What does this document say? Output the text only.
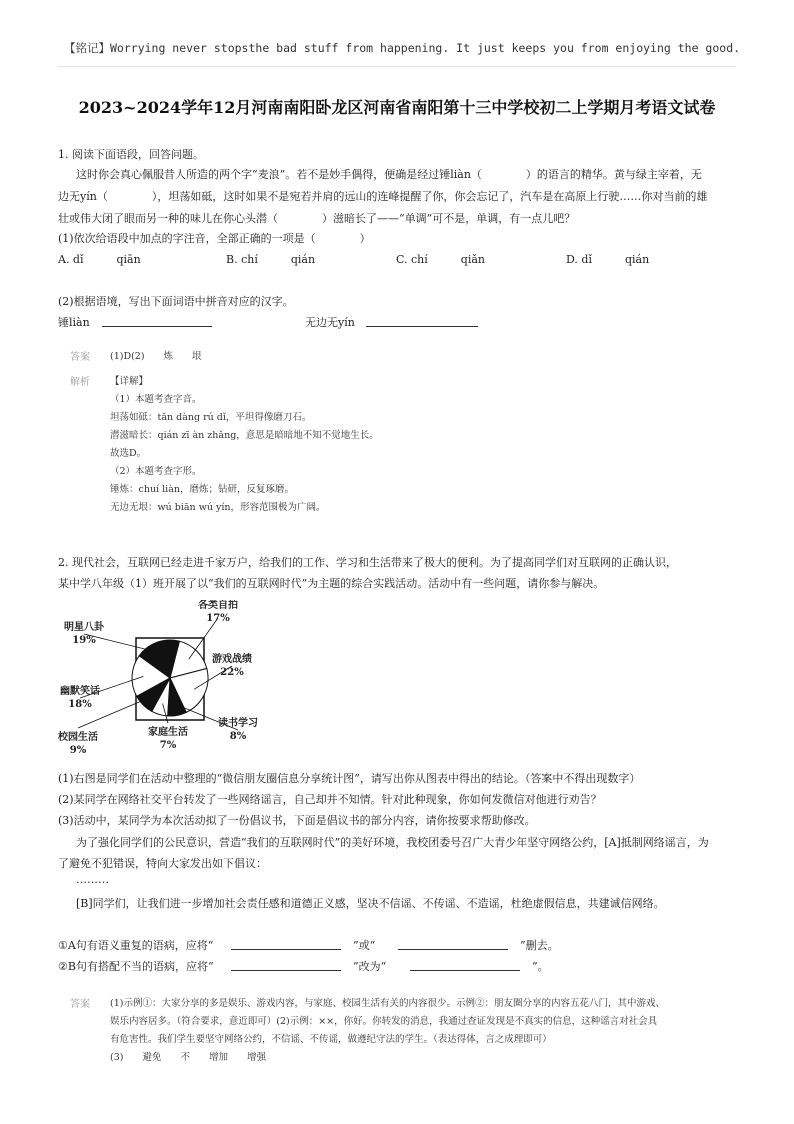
【铭记】Worrying never stopsthe bad stuff from happening. It just keeps you from enjoying the good.
2023~2024学年12月河南南阳卧龙区河南省南阳第十三中学校初二上学期月考语文试卷
1. 阅读下面语段，回答问题。
这时你会真心佩服昔人所造的两个字“麦浪”。若不是妙手偶得，便确是经过锤liàn（　　　　）的语言的精华。黄与绿主宰着，无
边无yín（　　　　），坦荡如砥，这时如果不是宛若并肩的远山的连峰提醒了你，你会忘记了，汽车是在高原上行驶……你对当前的雄
壮或伟大闭了眼而另一种的味儿在你心头潜（　　　　）滋暗长了——“单调”可不是，单调，有一点儿吧？
(1)依次给语段中加点的字注音，全部正确的一项是（　　　　）
A. dǐ　　　qiān	B. chí　　　qián	C. chí　　　qiǎn	D. dǐ　　　qián
(2)根据语境，写出下面词语中拼音对应的汉字。
锤liàn	无边无yín
答案 (1)D(2)　　炼　　垠
解析 【详解】
（1）本题考查字音。
坦荡如砥：tǎn dàng rú dǐ，平坦得像磨刀石。
潜滋暗长：qián zī àn zhǎng，意思是暗暗地不知不觉地生长。
故选D。
（2）本题考查字形。
锤炼：chuí liàn，磨炼；钻研，反复琢磨。
无边无垠：wú biān wú yín，形容范围极为广阔。
2. 现代社会，互联网已经走进千家万户，给我们的工作、学习和生活带来了极大的便利。为了提高同学们对互联网的正确认识，
某中学八年级（1）班开展了以“我们的互联网时代”为主题的综合实践活动。活动中有一些问题，请你参与解决。
各类自拍
17%
游戏战绩
22%
读书学习
8%
家庭生活
7%
校园生活
9%
幽默笑话
18%
明星八卦
19%
(1)右图是同学们在活动中整理的“微信朋友圈信息分享统计图”，请写出你从图表中得出的结论。（答案中不得出现数字）
(2)某同学在网络社交平台转发了一些网络谣言，自己却并不知情。针对此种现象，你如何发微信对他进行劝告？
(3)活动中，某同学为本次活动拟了一份倡议书，下面是倡议书的部分内容，请你按要求帮助修改。
为了强化同学们的公民意识，营造“我们的互联网时代”的美好环境，我校团委号召广大青少年坚守网络公约，[A]抵制网络谣言，为
了避免不犯错误，特向大家发出如下倡议：
………
[B]同学们，让我们进一步增加社会责任感和道德正义感，坚决不信谣、不传谣、不造谣，杜绝虚假信息，共建诚信网络。
①A句有语义重复的语病，应将“	”或“	”删去。
②B句有搭配不当的语病，应将“	”改为“	”。
答案 (1)示例①：大家分享的多是娱乐、游戏内容，与家庭、校园生活有关的内容很少。示例②：朋友圈分享的内容五花八门，其中游戏、
娱乐内容居多。（符合要求，意近即可）(2)示例：××，你好。你转发的消息，我通过查证发现是不真实的信息，这种谣言对社会具
有危害性。我们学生要坚守网络公约，不信谣、不传谣，做遵纪守法的学生。（表达得体，言之成理即可）
(3)　　避免　　不　　增加　　增强
